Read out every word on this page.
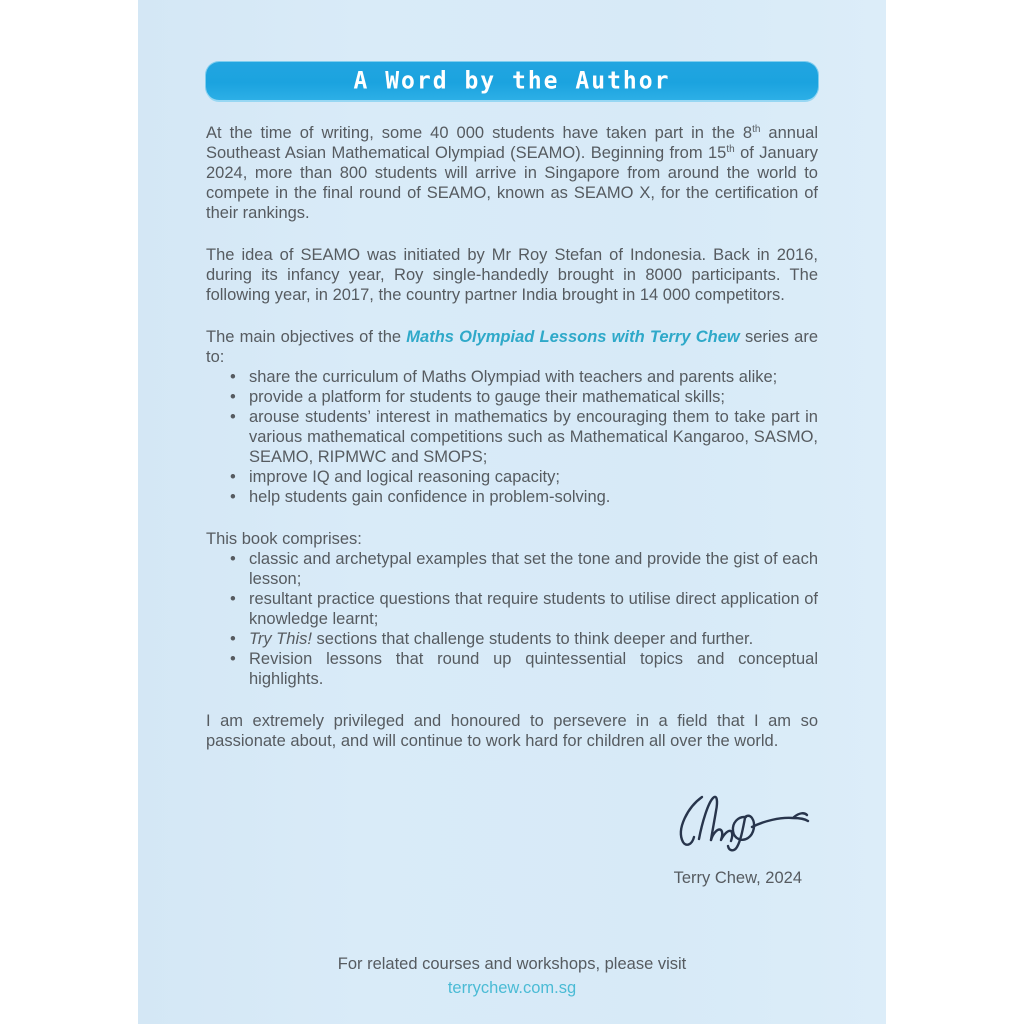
A Word by the Author

At the time of writing, some 40 000 students have taken part in the 8th annual Southeast Asian Mathematical Olympiad (SEAMO). Beginning from 15th of January 2024, more than 800 students will arrive in Singapore from around the world to compete in the final round of SEAMO, known as SEAMO X, for the certification of their rankings.

The idea of SEAMO was initiated by Mr Roy Stefan of Indonesia. Back in 2016, during its infancy year, Roy single-handedly brought in 8000 participants. The following year, in 2017, the country partner India brought in 14 000 competitors.

The main objectives of the Maths Olympiad Lessons with Terry Chew series are to:

• share the curriculum of Maths Olympiad with teachers and parents alike;
• provide a platform for students to gauge their mathematical skills;
• arouse students’ interest in mathematics by encouraging them to take part in various mathematical competitions such as Mathematical Kangaroo, SASMO, SEAMO, RIPMWC and SMOPS;
• improve IQ and logical reasoning capacity;
• help students gain confidence in problem-solving.

This book comprises:

• classic and archetypal examples that set the tone and provide the gist of each lesson;
• resultant practice questions that require students to utilise direct application of knowledge learnt;
• Try This! sections that challenge students to think deeper and further.
• Revision lessons that round up quintessential topics and conceptual highlights.

I am extremely privileged and honoured to persevere in a field that I am so passionate about, and will continue to work hard for children all over the world.

Terry Chew, 2024
For related courses and workshops, please visit
terrychew.com.sg
